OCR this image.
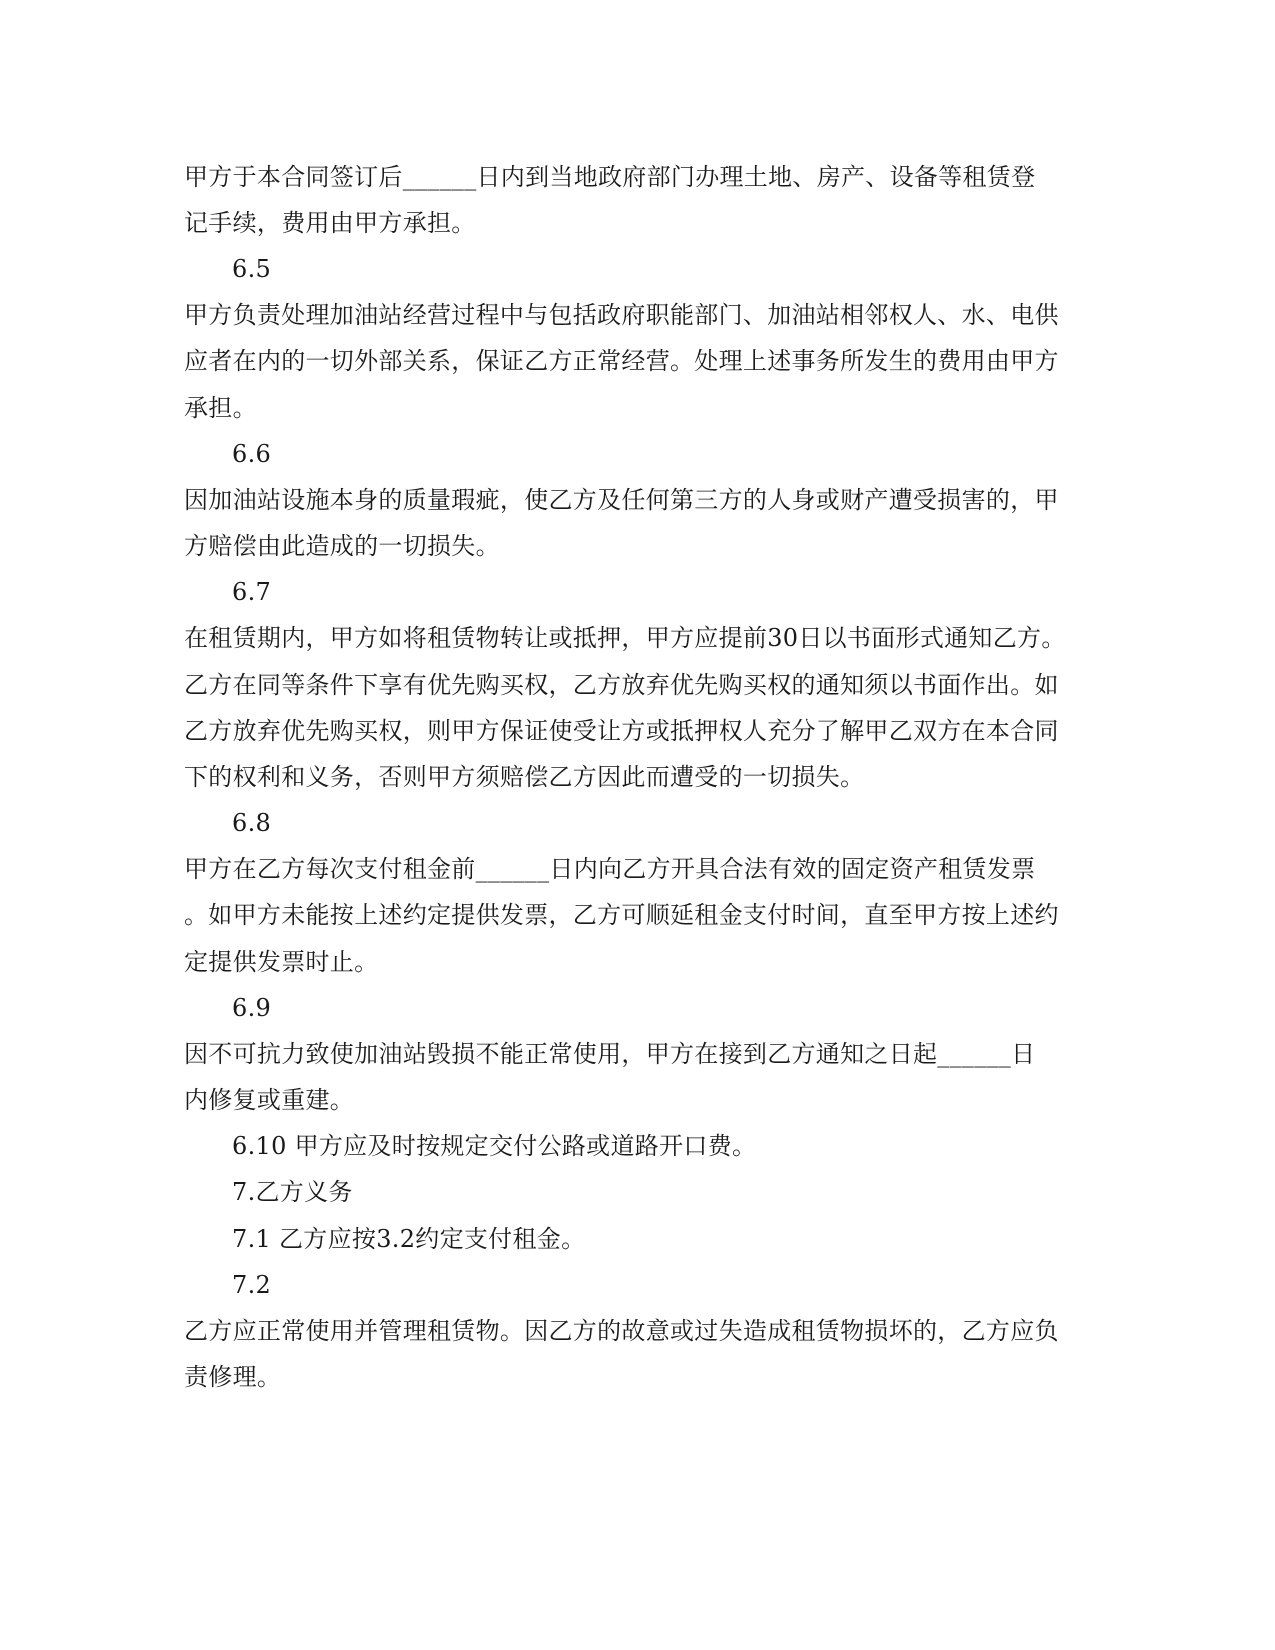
甲方于本合同签订后______日内到当地政府部门办理土地、房产、设备等租赁登

记手续，费用由甲方承担。

6.5

甲方负责处理加油站经营过程中与包括政府职能部门、加油站相邻权人、水、电供

应者在内的一切外部关系，保证乙方正常经营。处理上述事务所发生的费用由甲方

承担。

6.6

因加油站设施本身的质量瑕疵，使乙方及任何第三方的人身或财产遭受损害的，甲

方赔偿由此造成的一切损失。

6.7

在租赁期内，甲方如将租赁物转让或抵押，甲方应提前30日以书面形式通知乙方。

乙方在同等条件下享有优先购买权，乙方放弃优先购买权的通知须以书面作出。如

乙方放弃优先购买权，则甲方保证使受让方或抵押权人充分了解甲乙双方在本合同

下的权利和义务，否则甲方须赔偿乙方因此而遭受的一切损失。

6.8

甲方在乙方每次支付租金前______日内向乙方开具合法有效的固定资产租赁发票

。如甲方未能按上述约定提供发票，乙方可顺延租金支付时间，直至甲方按上述约

定提供发票时止。

6.9

因不可抗力致使加油站毁损不能正常使用，甲方在接到乙方通知之日起______日

内修复或重建。

6.10 甲方应及时按规定交付公路或道路开口费。

7.乙方义务

7.1 乙方应按3.2约定支付租金。

7.2

乙方应正常使用并管理租赁物。因乙方的故意或过失造成租赁物损坏的，乙方应负

责修理。
